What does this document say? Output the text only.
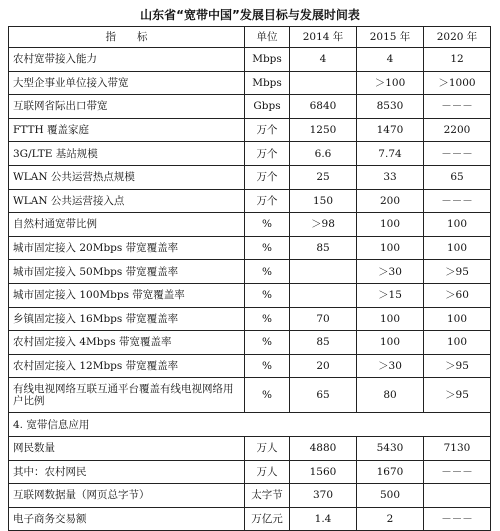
山东省“宽带中国”发展目标与发展时间表
指　　标	单位	2014 年	2015 年	2020 年
农村宽带接入能力	Mbps	4	4	12
大型企事业单位接入带宽	Mbps		＞100	＞1000
互联网省际出口带宽	Gbps	6840	8530	－－－
FTTH 覆盖家庭	万个	1250	1470	2200
3G/LTE 基站规模	万个	6.6	7.74	－－－
WLAN 公共运营热点规模	万个	25	33	65
WLAN 公共运营接入点	万个	150	200	－－－
自然村通宽带比例	%	＞98	100	100
城市固定接入 20Mbps 带宽覆盖率	%	85	100	100
城市固定接入 50Mbps 带宽覆盖率	%		＞30	＞95
城市固定接入 100Mbps 带宽覆盖率	%		＞15	＞60
乡镇固定接入 16Mbps 带宽覆盖率	%	70	100	100
农村固定接入 4Mbps 带宽覆盖率	%	85	100	100
农村固定接入 12Mbps 带宽覆盖率	%	20	＞30	＞95
有线电视网络互联互通平台覆盖有线电视网络用户比例	%	65	80	＞95
4. 宽带信息应用				
网民数量	万人	4880	5430	7130
其中：农村网民	万人	1560	1670	－－－
互联网数据量（网页总字节）	太字节	370	500	
电子商务交易额	万亿元	1.4	2	－－－
